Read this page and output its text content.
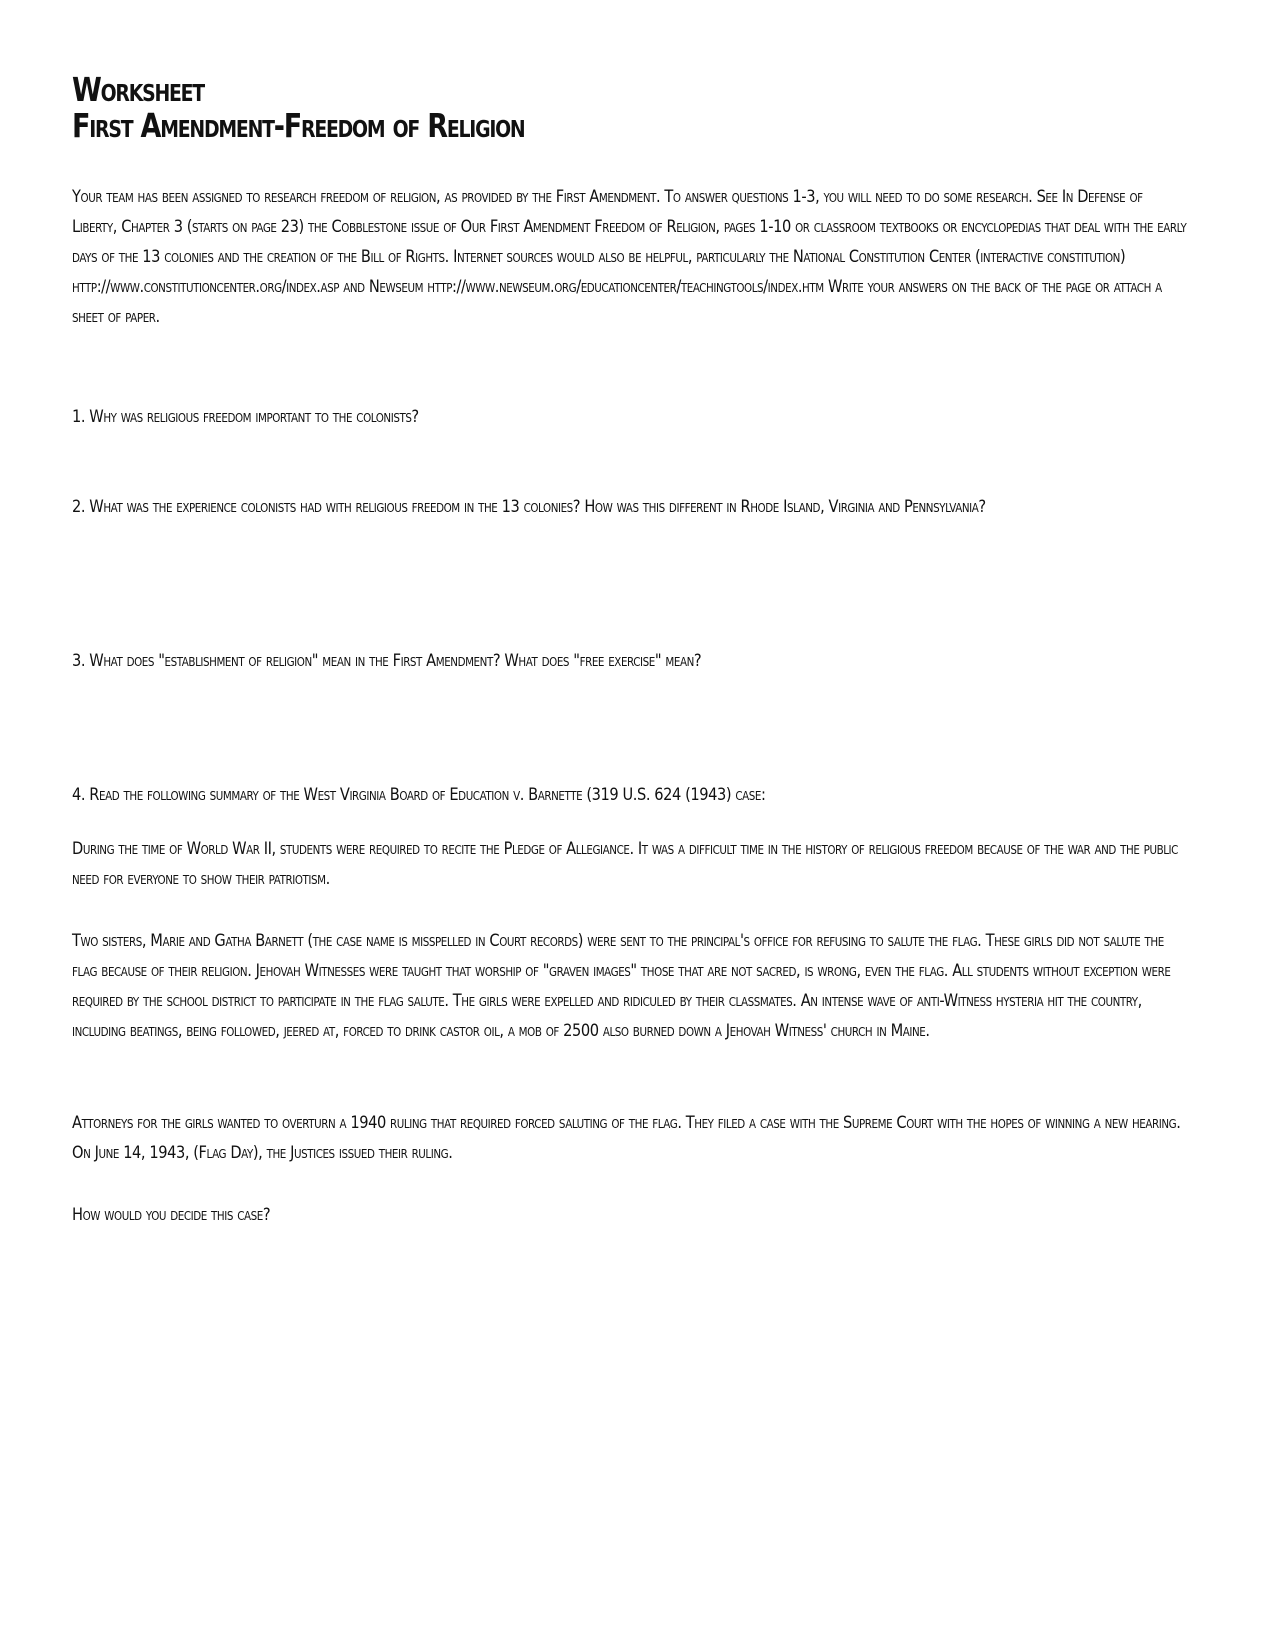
Worksheet
First Amendment-Freedom of Religion

Your team has been assigned to research freedom of religion, as provided by the First Amendment. To answer questions 1-3, you will need to do some research. See In Defense of Liberty, Chapter 3 (starts on page 23) the Cobblestone issue of Our First Amendment Freedom of Religion, pages 1-10 or classroom textbooks or encyclopedias that deal with the early days of the 13 colonies and the creation of the Bill of Rights. Internet sources would also be helpful, particularly the National Constitution Center (interactive constitution) http://www.constitutioncenter.org/index.asp and Newseum http://www.newseum.org/educationcenter/teachingtools/index.htm Write your answers on the back of the page or attach a sheet of paper.

1. Why was religious freedom important to the colonists?

2. What was the experience colonists had with religious freedom in the 13 colonies? How was this different in Rhode Island, Virginia and Pennsylvania?

3. What does "establishment of religion" mean in the First Amendment? What does "free exercise" mean?

4. Read the following summary of the West Virginia Board of Education v. Barnette (319 U.S. 624 (1943) case:

During the time of World War II, students were required to recite the Pledge of Allegiance. It was a difficult time in the history of religious freedom because of the war and the public need for everyone to show their patriotism.

Two sisters, Marie and Gatha Barnett (the case name is misspelled in Court records) were sent to the principal's office for refusing to salute the flag. These girls did not salute the flag because of their religion. Jehovah Witnesses were taught that worship of "graven images" those that are not sacred, is wrong, even the flag. All students without exception were required by the school district to participate in the flag salute. The girls were expelled and ridiculed by their classmates. An intense wave of anti-Witness hysteria hit the country, including beatings, being followed, jeered at, forced to drink castor oil, a mob of 2500 also burned down a Jehovah Witness' church in Maine.

Attorneys for the girls wanted to overturn a 1940 ruling that required forced saluting of the flag. They filed a case with the Supreme Court with the hopes of winning a new hearing. On June 14, 1943, (Flag Day), the Justices issued their ruling.

How would you decide this case?
